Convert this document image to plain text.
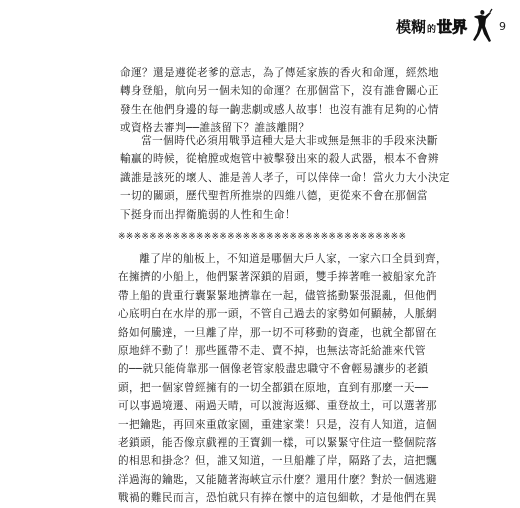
模糊 的 世界	9
命運？還是遵從老爹的意志，為了傳延家族的香火和命運，經然地
轉身登船，航向另一個未知的命運？在那個當下，沒有誰會關心正
發生在他們身邊的每一齣悲劇或感人故事！也沒有誰有足夠的心情
或資格去審判──誰該留下？誰該離開？
當一個時代必須用戰爭這種大是大非或無是無非的手段來決斷
輸贏的時候，從槍膛或炮管中被擊發出來的殺人武器，根本不會辨
識誰是該死的壞人、誰是善人孝子，可以倖倖一命！當火力大小決定
一切的關頭，歷代聖哲所推崇的四維八德，更從來不會在那個當
下挺身而出捍衛脆弱的人性和生命！
※※※※※※※※※※※※※※※※※※※※※※※※※※※※※※※※※※※※※
離了岸的舢板上，不知道是哪個大戶人家，一家六口全員到齊，
在擁擠的小船上，他們緊著深鎖的眉頭，雙手捧著唯一被船家允許
帶上船的貴重行囊緊緊地擠靠在一起，儘管搖動緊張混亂，但他們
心底明白在水岸的那一頭，不管自己過去的家勢如何顯赫，人脈網
絡如何騰達，一旦離了岸，那一切不可移動的資產，也就全都留在
原地絆不動了！那些匯帶不走、賣不掉，也無法寄託給誰來代管
的──就只能倚靠那一個像老管家般盡忠職守不會輕易讓步的老鎖
頭，把一個家曾經擁有的一切全都鎖在原地，直到有那麼一天──
可以事過境遷、兩過天晴，可以渡海返鄉、重登故土，可以選著那
一把鑰匙，再回來重啟家園，重建家業！只是，沒有人知道，這個
老鎖頭，能否像京戲裡的王寶釧一樣，可以緊緊守住這一整個院落
的相思和掛念？但，誰又知道，一旦船離了岸，隔路了去，這把飄
洋過海的鑰匙，又能隨著海峽宣示什麼？還用什麼？對於一個逃避
戰禍的難民而言，恐怕就只有捧在懷中的這包細軟，才是他們在異
